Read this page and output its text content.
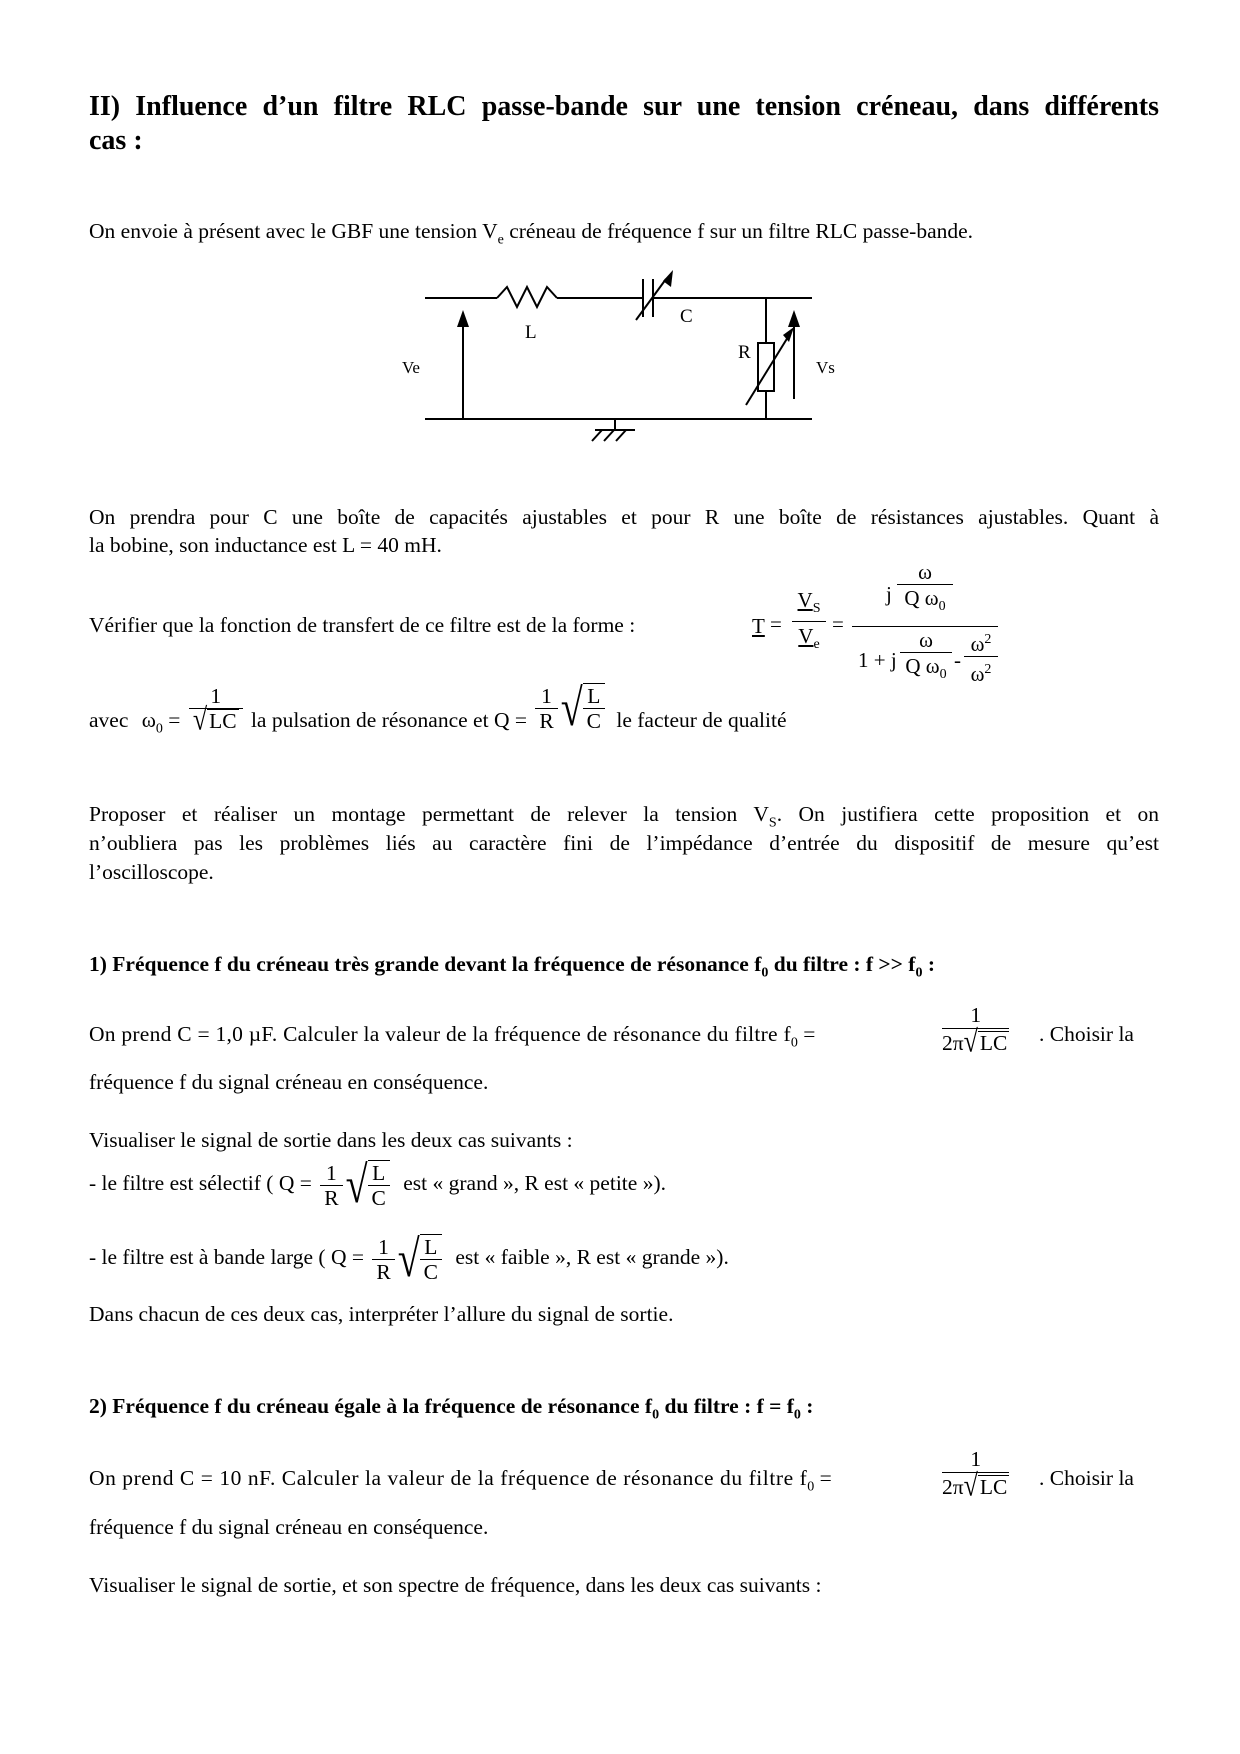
II) Influence d’un filtre RLC passe-bande sur une tension créneau, dans différents
cas :
On envoie à présent avec le GBF une tension $V_e$ créneau de fréquence f sur un filtre RLC passe-bande.
L
C
R
Ve	Vs
On prendra pour C une boîte de capacités ajustables et pour R une boîte de résistances ajustables. Quant à
la bobine, son inductance est L = 40 mH.
Vérifier que la fonction de transfert de ce filtre est de la forme :	T =
$V_S$
$V_e$
=
j
ω
Q $\omega_0$
1 + j
ω
Q $\omega_0$
-
$\omega^2$
$\omega^2$
avec $\omega_0 = \frac{1}{√LC}$ la pulsation de résonance et $Q = \frac{1}{R}$ √ $\frac{L}{C}$ le facteur de qualité
Proposer et réaliser un montage permettant de relever la tension $V_S$. On justifiera cette proposition et on
n’oubliera pas les problèmes liés au caractère fini de l’impédance d’entrée du dispositif de mesure qu’est
l’oscilloscope.
1) Fréquence f du créneau très grande devant la fréquence de résonance $f_0$ du filtre : $f >> f_0$ :
On prend C = 1,0 µF. Calculer la valeur de la fréquence de résonance du filtre $f_0$ =	$\frac{1}{2\pi√LC}$ . Choisir la
fréquence f du signal créneau en conséquence.
Visualiser le signal de sortie dans les deux cas suivants :
- le filtre est sélectif ( $Q = \frac{1}{R}$ √ $\frac{L}{C}$ est « grand », R est « petite »).
- le filtre est à bande large ( $Q = \frac{1}{R}$ √ $\frac{L}{C}$ est « faible », R est « grande »).
Dans chacun de ces deux cas, interpréter l’allure du signal de sortie.
2) Fréquence f du créneau égale à la fréquence de résonance $f_0$ du filtre : $f = f_0$ :
On prend C = 10 nF. Calculer la valeur de la fréquence de résonance du filtre $f_0$ =	$\frac{1}{2\pi√LC}$ . Choisir la
fréquence f du signal créneau en conséquence.
Visualiser le signal de sortie, et son spectre de fréquence, dans les deux cas suivants :
